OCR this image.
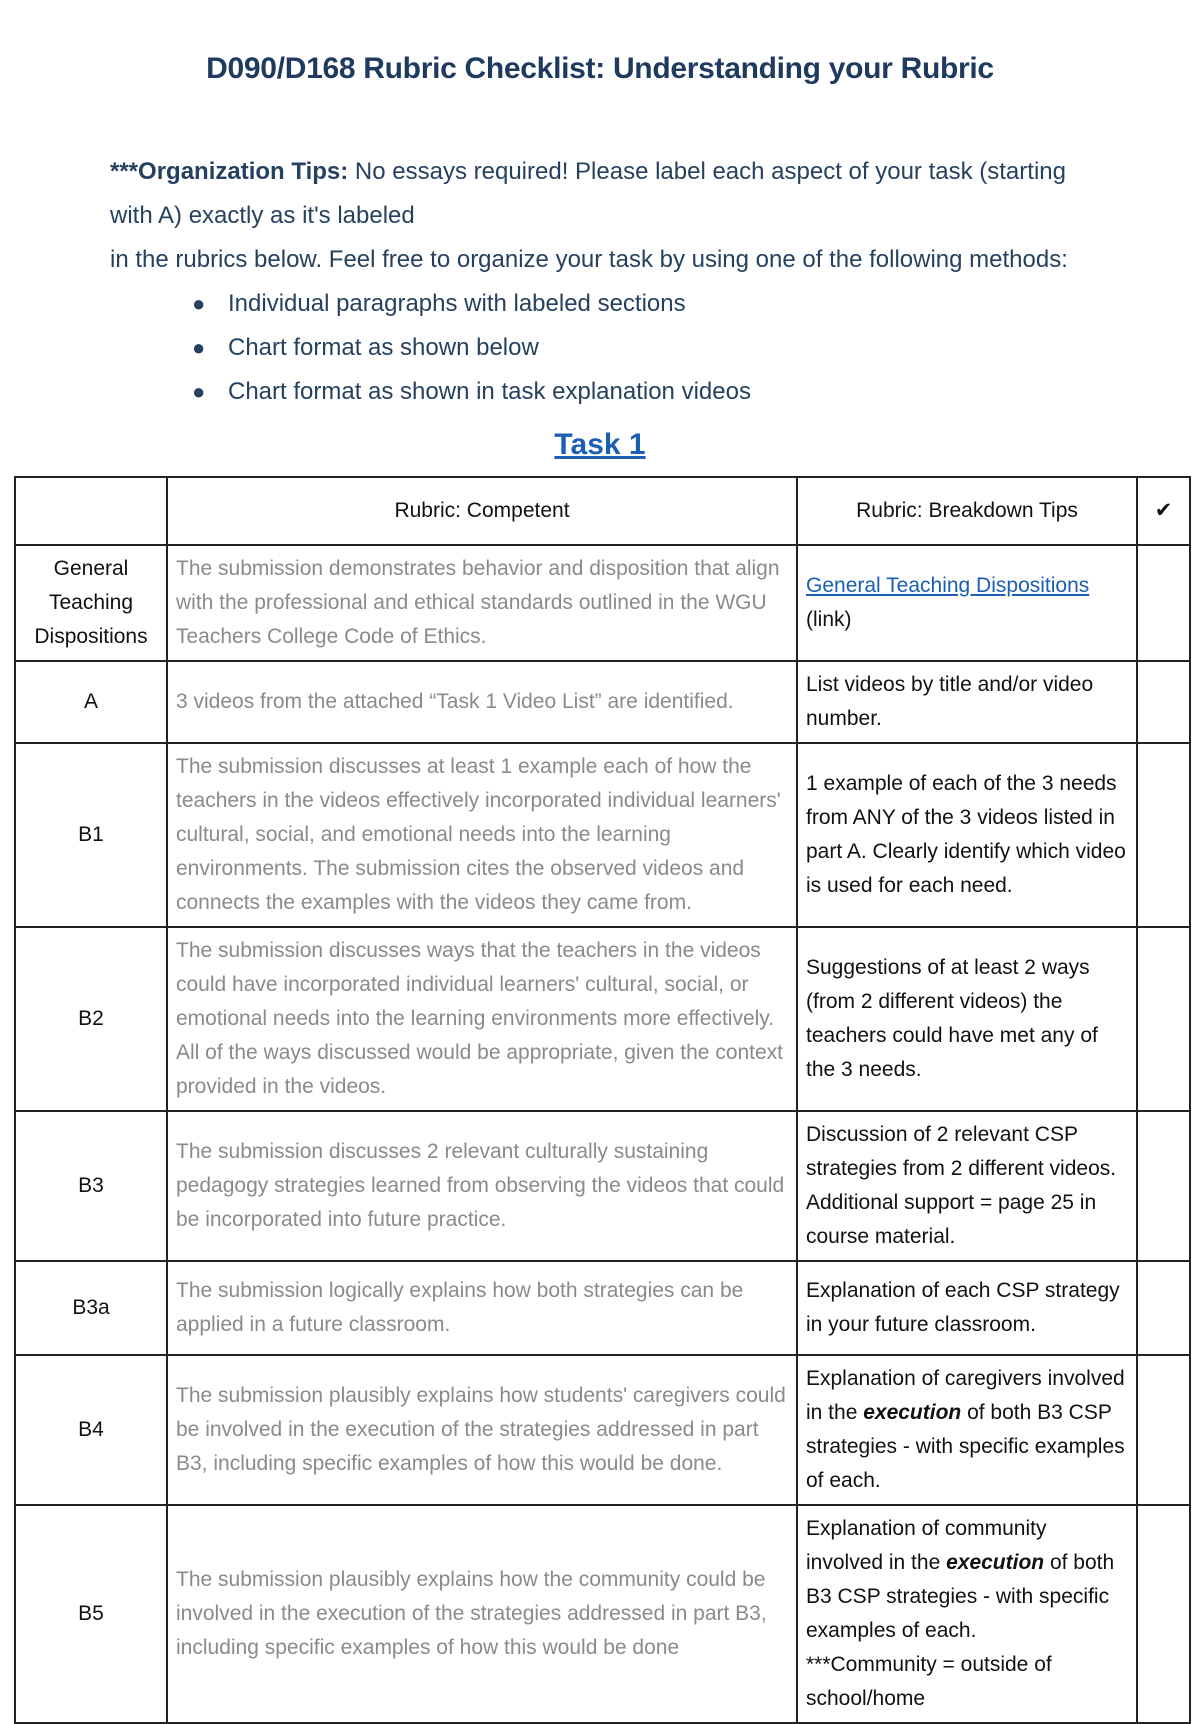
D090/D168 Rubric Checklist: Understanding your Rubric
***Organization Tips: No essays required! Please label each aspect of your task (starting with A) exactly as it's labeled
in the rubrics below. Feel free to organize your task by using one of the following methods:
● Individual paragraphs with labeled sections
● Chart format as shown below
● Chart format as shown in task explanation videos
Task 1
	Rubric: Competent	Rubric: Breakdown Tips	✔
General Teaching Dispositions	The submission demonstrates behavior and disposition that align with the professional and ethical standards outlined in the WGU Teachers College Code of Ethics.	General Teaching Dispositions (link)	
A	3 videos from the attached “Task 1 Video List” are identified.	List videos by title and/or video number.	
B1	The submission discusses at least 1 example each of how the teachers in the videos effectively incorporated individual learners' cultural, social, and emotional needs into the learning environments. The submission cites the observed videos and connects the examples with the videos they came from.	1 example of each of the 3 needs from ANY of the 3 videos listed in part A. Clearly identify which video is used for each need.	
B2	The submission discusses ways that the teachers in the videos could have incorporated individual learners' cultural, social, or emotional needs into the learning environments more effectively. All of the ways discussed would be appropriate, given the context provided in the videos.	Suggestions of at least 2 ways (from 2 different videos) the teachers could have met any of the 3 needs.	
B3	The submission discusses 2 relevant culturally sustaining pedagogy strategies learned from observing the videos that could be incorporated into future practice.	Discussion of 2 relevant CSP strategies from 2 different videos. Additional support = page 25 in course material.	
B3a	The submission logically explains how both strategies can be applied in a future classroom.	Explanation of each CSP strategy in your future classroom.	
B4	The submission plausibly explains how students' caregivers could be involved in the execution of the strategies addressed in part B3, including specific examples of how this would be done.	Explanation of caregivers involved in the execution of both B3 CSP strategies - with specific examples of each.	
B5	The submission plausibly explains how the community could be involved in the execution of the strategies addressed in part B3, including specific examples of how this would be done	Explanation of community involved in the execution of both B3 CSP strategies - with specific examples of each.
***Community = outside of school/home	
